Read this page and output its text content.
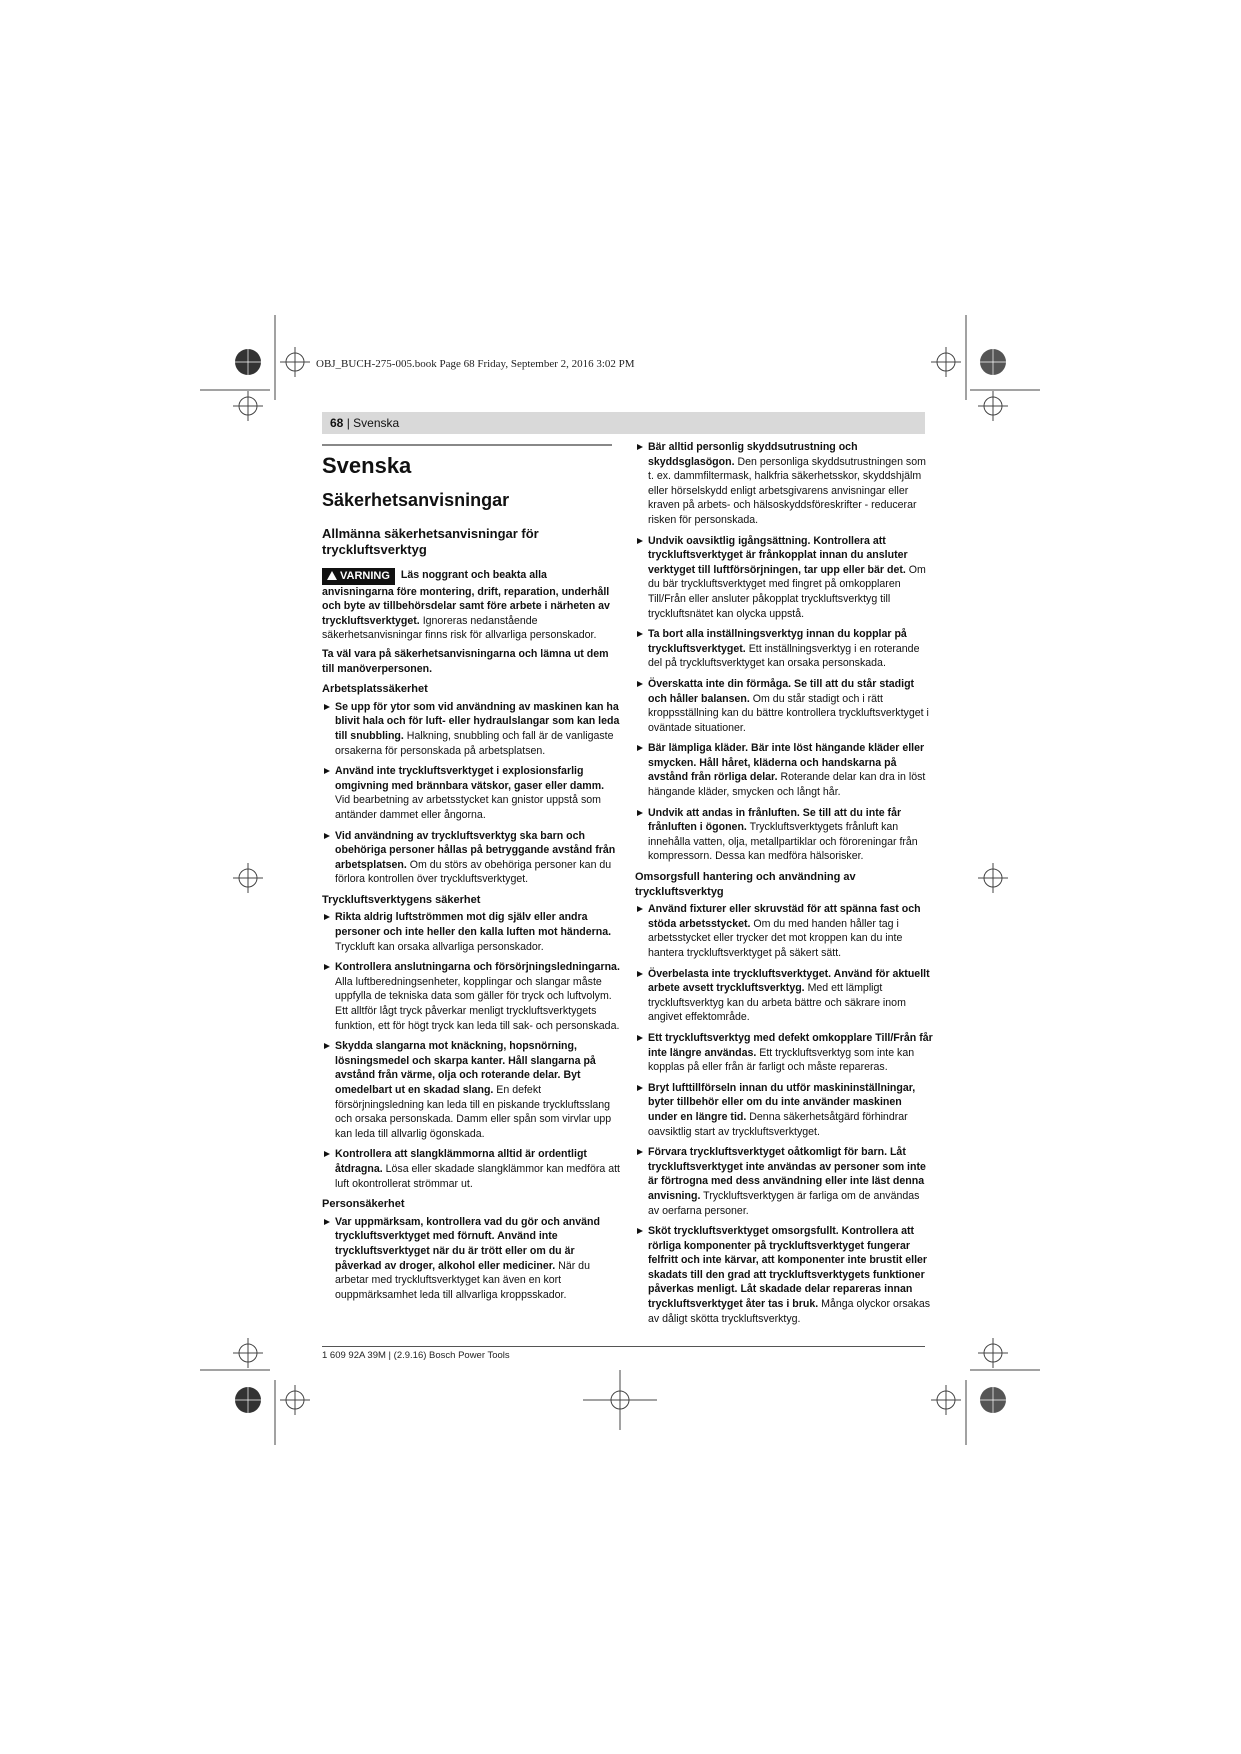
OBJ_BUCH-275-005.book Page 68 Friday, September 2, 2016 3:02 PM
68 | Svenska
Svenska
Säkerhetsanvisningar
Allmänna säkerhetsanvisningar för tryckluftsverktyg
VARNING Läs noggrant och beakta alla anvisningarna före montering, drift, reparation, underhåll och byte av tillbehörsdelar samt före arbete i närheten av tryckluftsverktyget. Ignoreras nedanstående säkerhetsanvisningar finns risk för allvarliga personskador.

Ta väl vara på säkerhetsanvisningarna och lämna ut dem till manöverpersonen.

Arbetsplatssäkerhet
Se upp för ytor som vid användning av maskinen kan ha blivit hala och för luft- eller hydraulslangar som kan leda till snubbling. Halkning, snubbling och fall är de vanligaste orsakerna för personskada på arbetsplatsen.
Använd inte tryckluftsverktyget i explosionsfarlig omgivning med brännbara vätskor, gaser eller damm. Vid bearbetning av arbetsstycket kan gnistor uppstå som antänder dammet eller ångorna.
Vid användning av tryckluftsverktyg ska barn och obehöriga personer hållas på betryggande avstånd från arbetsplatsen. Om du störs av obehöriga personer kan du förlora kontrollen över tryckluftsverktyget.
Tryckluftsverktygens säkerhet
Rikta aldrig luftströmmen mot dig själv eller andra personer och inte heller den kalla luften mot händerna. Tryckluft kan orsaka allvarliga personskador.
Kontrollera anslutningarna och försörjningsledningarna. Alla luftberedningsenheter, kopplingar och slangar måste uppfylla de tekniska data som gäller för tryck och luftvolym. Ett alltför lågt tryck påverkar menligt tryckluftsverktygets funktion, ett för högt tryck kan leda till sak- och personskada.
Skydda slangarna mot knäckning, hopsnörning, lösningsmedel och skarpa kanter. Håll slangarna på avstånd från värme, olja och roterande delar. Byt omedelbart ut en skadad slang. En defekt försörjningsledning kan leda till en piskande tryckluftsslang och orsaka personskada. Damm eller spån som virvlar upp kan leda till allvarlig ögonskada.
Kontrollera att slangklämmorna alltid är ordentligt åtdragna. Lösa eller skadade slangklämmor kan medföra att luft okontrollerat strömmar ut.
Personsäkerhet
Var uppmärksam, kontrollera vad du gör och använd tryckluftsverktyget med förnuft. Använd inte tryckluftsverktyget när du är trött eller om du är påverkad av droger, alkohol eller mediciner. När du arbetar med tryckluftsverktyget kan även en kort ouppmärksamhet leda till allvarliga kroppsskador.
Bär alltid personlig skyddsutrustning och skyddsglasögon. Den personliga skyddsutrustningen som t. ex. dammfiltermask, halkfria säkerhetsskor, skyddshjälm eller hörselskydd enligt arbetsgivarens anvisningar eller kraven på arbets- och hälsoskyddsföreskrifter - reducerar risken för personskada.
Undvik oavsiktlig igångsättning. Kontrollera att tryckluftsverktyget är frånkopplat innan du ansluter verktyget till luftförsörjningen, tar upp eller bär det. Om du bär tryckluftsverktyget med fingret på omkopplaren Till/Från eller ansluter påkopplat tryckluftsverktyg till tryckluftsnätet kan olycka uppstå.
Ta bort alla inställningsverktyg innan du kopplar på tryckluftsverktyget. Ett inställningsverktyg i en roterande del på tryckluftsverktyget kan orsaka personskada.
Överskatta inte din förmåga. Se till att du står stadigt och håller balansen. Om du står stadigt och i rätt kroppsställning kan du bättre kontrollera tryckluftsverktyget i oväntade situationer.
Bär lämpliga kläder. Bär inte löst hängande kläder eller smycken. Håll håret, kläderna och handskarna på avstånd från rörliga delar. Roterande delar kan dra in löst hängande kläder, smycken och långt hår.
Undvik att andas in frånluften. Se till att du inte får frånluften i ögonen. Tryckluftsverktygets frånluft kan innehålla vatten, olja, metallpartiklar och föroreningar från kompressorn. Dessa kan medföra hälsorisker.
Omsorgsfull hantering och användning av tryckluftsverktyg
Använd fixturer eller skruvstäd för att spänna fast och stöda arbetsstycket. Om du med handen håller tag i arbetsstycket eller trycker det mot kroppen kan du inte hantera tryckluftsverktyget på säkert sätt.
Överbelasta inte tryckluftsverktyget. Använd för aktuellt arbete avsett tryckluftsverktyg. Med ett lämpligt tryckluftsverktyg kan du arbeta bättre och säkrare inom angivet effektområde.
Ett tryckluftsverktyg med defekt omkopplare Till/Från får inte längre användas. Ett tryckluftsverktyg som inte kan kopplas på eller från är farligt och måste repareras.
Bryt lufttillförseln innan du utför maskininställningar, byter tillbehör eller om du inte använder maskinen under en längre tid. Denna säkerhetsåtgärd förhindrar oavsiktlig start av tryckluftsverktyget.
Förvara tryckluftsverktyget oåtkomligt för barn. Låt tryckluftsverktyget inte användas av personer som inte är förtrogna med dess användning eller inte läst denna anvisning. Tryckluftsverktygen är farliga om de användas av oerfarna personer.
Sköt tryckluftsverktyget omsorgsfullt. Kontrollera att rörliga komponenter på tryckluftsverktyget fungerar felfritt och inte kärvar, att komponenter inte brustit eller skadats till den grad att tryckluftsverktygets funktioner påverkas menligt. Låt skadade delar repareras innan tryckluftsverktyget åter tas i bruk. Många olyckor orsakas av dåligt skötta tryckluftsverktyg.
1 609 92A 39M | (2.9.16) Bosch Power Tools
